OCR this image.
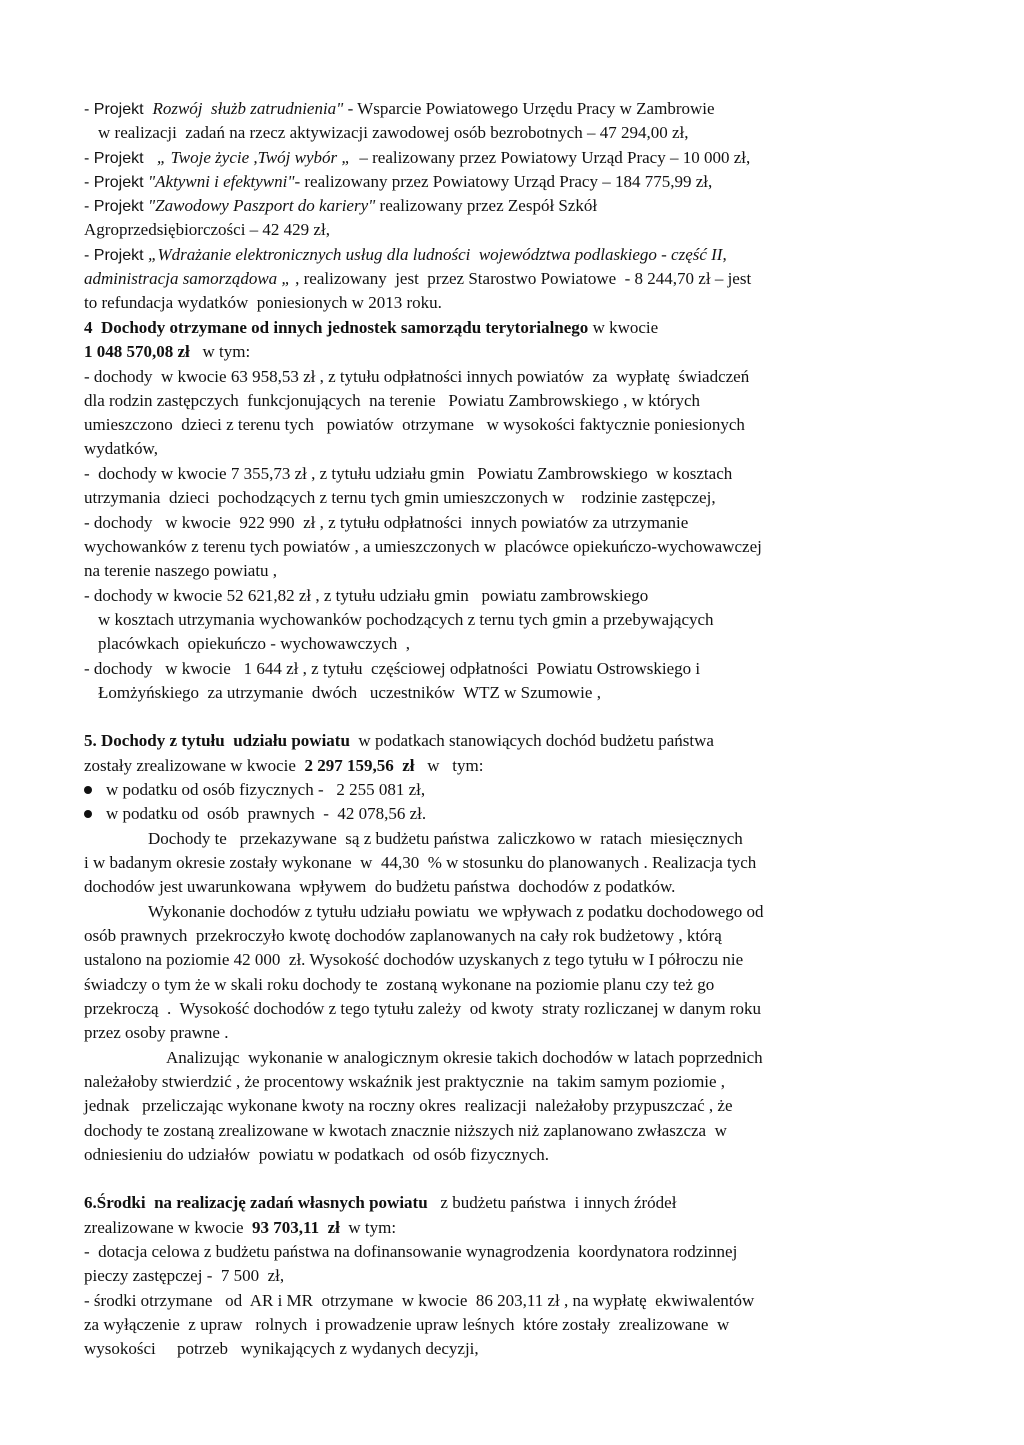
- Projekt  Rozwój  służb zatrudnienia" - Wsparcie Powiatowego Urzędu Pracy w Zambrowie

w realizacji  zadań na rzecz aktywizacji zawodowej osób bezrobotnych – 47 294,00 zł,

- Projekt   „ Twoje życie ,Twój wybór „  – realizowany przez Powiatowy Urząd Pracy – 10 000 zł,

- Projekt "Aktywni i efektywni"- realizowany przez Powiatowy Urząd Pracy – 184 775,99 zł,

- Projekt "Zawodowy Paszport do kariery" realizowany przez Zespół Szkół

Agroprzedsiębiorczości – 42 429 zł,

- Projekt „Wdrażanie elektronicznych usług dla ludności  województwa podlaskiego - część II,

administracja samorządowa „ , realizowany  jest  przez Starostwo Powiatowe  - 8 244,70 zł – jest

to refundacja wydatków  poniesionych w 2013 roku.

4  Dochody otrzymane od innych jednostek samorządu terytorialnego w kwocie

1 048 570,08 zł   w tym:

- dochody  w kwocie 63 958,53 zł , z tytułu odpłatności innych powiatów  za  wypłatę  świadczeń

dla rodzin zastępczych  funkcjonujących  na terenie   Powiatu Zambrowskiego , w których

umieszczono  dzieci z terenu tych   powiatów  otrzymane   w wysokości faktycznie poniesionych

wydatków,

-  dochody w kwocie 7 355,73 zł , z tytułu udziału gmin   Powiatu Zambrowskiego  w kosztach

utrzymania  dzieci  pochodzących z ternu tych gmin umieszczonych w    rodzinie zastępczej,

- dochody   w kwocie  922 990  zł , z tytułu odpłatności  innych powiatów za utrzymanie

wychowanków z terenu tych powiatów , a umieszczonych w  placówce opiekuńczo-wychowawczej

na terenie naszego powiatu ,

- dochody w kwocie 52 621,82 zł , z tytułu udziału gmin   powiatu zambrowskiego

w kosztach utrzymania wychowanków pochodzących z ternu tych gmin a przebywających

placówkach  opiekuńczo - wychowawczych  ,

- dochody   w kwocie   1 644 zł , z tytułu  częściowej odpłatności  Powiatu Ostrowskiego i

Łomżyńskiego  za utrzymanie  dwóch   uczestników  WTZ w Szumowie ,

5. Dochody z tytułu  udziału powiatu  w podatkach stanowiących dochód budżetu państwa

zostały zrealizowane w kwocie  2 297 159,56  zł   w   tym:

w podatku od osób fizycznych -   2 255 081 zł,

w podatku od  osób  prawnych  -  42 078,56 zł.

Dochody te   przekazywane  są z budżetu państwa  zaliczkowo w  ratach  miesięcznych

i w badanym okresie zostały wykonane  w  44,30  % w stosunku do planowanych . Realizacja tych

dochodów jest uwarunkowana  wpływem  do budżetu państwa  dochodów z podatków.

Wykonanie dochodów z tytułu udziału powiatu  we wpływach z podatku dochodowego od

osób prawnych  przekroczyło kwotę dochodów zaplanowanych na cały rok budżetowy , którą

ustalono na poziomie 42 000  zł. Wysokość dochodów uzyskanych z tego tytułu w I półroczu nie

świadczy o tym że w skali roku dochody te  zostaną wykonane na poziomie planu czy też go

przekroczą  .  Wysokość dochodów z tego tytułu zależy  od kwoty  straty rozliczanej w danym roku

przez osoby prawne .

Analizując  wykonanie w analogicznym okresie takich dochodów w latach poprzednich

należałoby stwierdzić , że procentowy wskaźnik jest praktycznie  na  takim samym poziomie ,

jednak   przeliczając wykonane kwoty na roczny okres  realizacji  należałoby przypuszczać , że

dochody te zostaną zrealizowane w kwotach znacznie niższych niż zaplanowano zwłaszcza  w

odniesieniu do udziałów  powiatu w podatkach  od osób fizycznych.

6.Środki  na realizację zadań własnych powiatu   z budżetu państwa  i innych źródeł

zrealizowane w kwocie  93 703,11  zł  w tym:

-  dotacja celowa z budżetu państwa na dofinansowanie wynagrodzenia  koordynatora rodzinnej

pieczy zastępczej -  7 500  zł,

- środki otrzymane   od  AR i MR  otrzymane  w kwocie  86 203,11 zł , na wypłatę  ekwiwalentów

za wyłączenie  z upraw   rolnych  i prowadzenie upraw leśnych  które zostały  zrealizowane  w

wysokości     potrzeb   wynikających z wydanych decyzji,
